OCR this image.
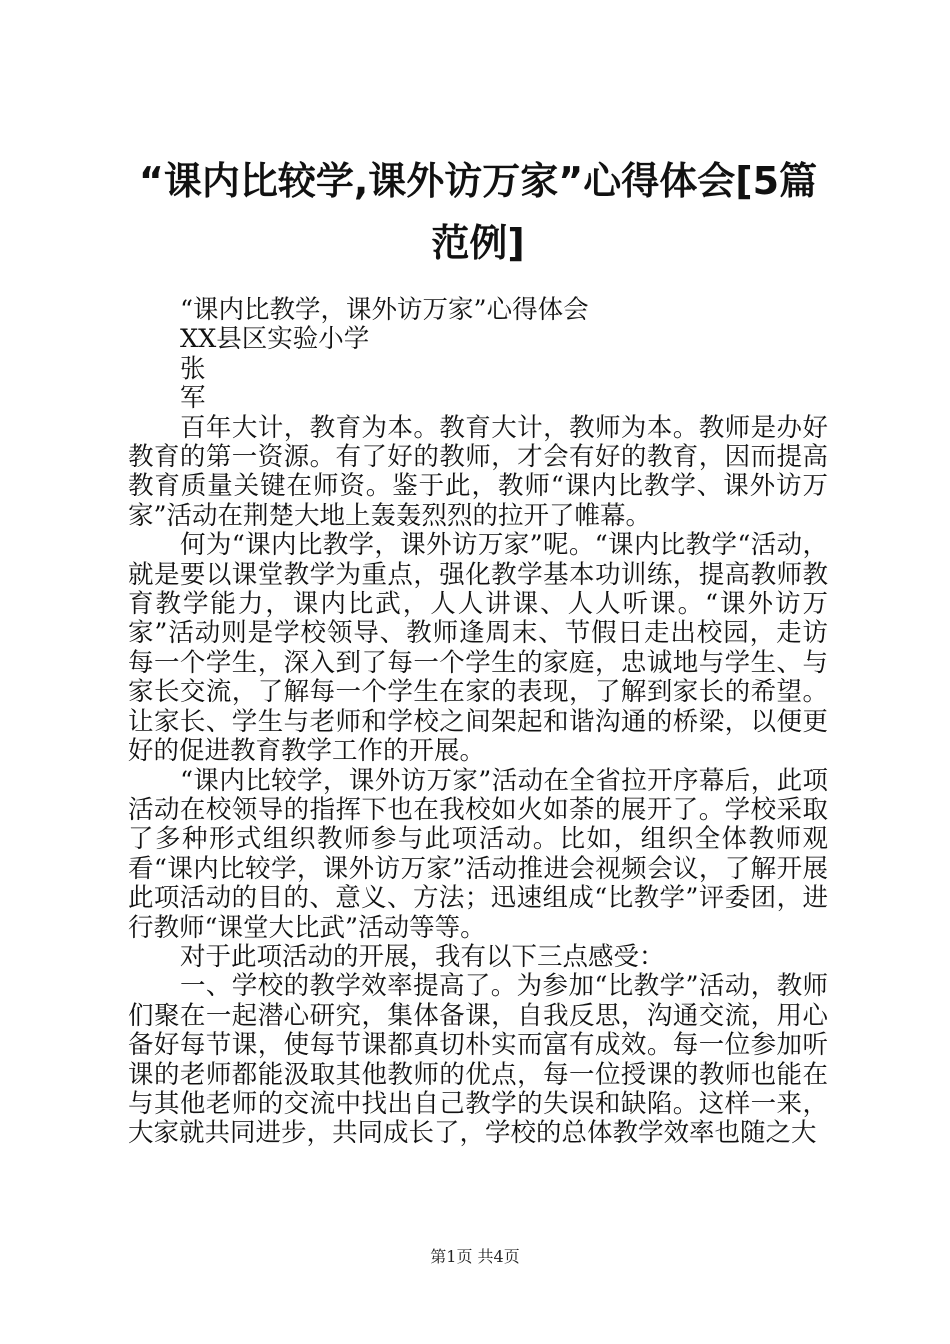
“课内比较学,课外访万家”心得体会[5篇范例]
“课内比教学，课外访万家”心得体会
XX县区实验小学
张
军
百年大计，教育为本。教育大计，教师为本。教师是办好教育的第一资源。有了好的教师，才会有好的教育，因而提高教育质量关键在师资。鉴于此，教师“课内比教学、课外访万家”活动在荆楚大地上轰轰烈烈的拉开了帷幕。
何为“课内比教学，课外访万家”呢。“课内比教学“活动，就是要以课堂教学为重点，强化教学基本功训练，提高教师教育教学能力，课内比武，人人讲课、人人听课。“课外访万家”活动则是学校领导、教师逢周末、节假日走出校园，走访每一个学生，深入到了每一个学生的家庭，忠诚地与学生、与家长交流，了解每一个学生在家的表现，了解到家长的希望。让家长、学生与老师和学校之间架起和谐沟通的桥梁，以便更好的促进教育教学工作的开展。
“课内比较学，课外访万家”活动在全省拉开序幕后，此项活动在校领导的指挥下也在我校如火如荼的展开了。学校采取了多种形式组织教师参与此项活动。比如，组织全体教师观看“课内比较学，课外访万家”活动推进会视频会议，了解开展此项活动的目的、意义、方法；迅速组成“比教学”评委团，进行教师“课堂大比武”活动等等。
对于此项活动的开展，我有以下三点感受：
一、学校的教学效率提高了。为参加“比教学”活动，教师们聚在一起潜心研究，集体备课，自我反思，沟通交流，用心备好每节课，使每节课都真切朴实而富有成效。每一位参加听课的老师都能汲取其他教师的优点，每一位授课的教师也能在与其他老师的交流中找出自己教学的失误和缺陷。这样一来，大家就共同进步，共同成长了，学校的总体教学效率也随之大
第1页 共4页
